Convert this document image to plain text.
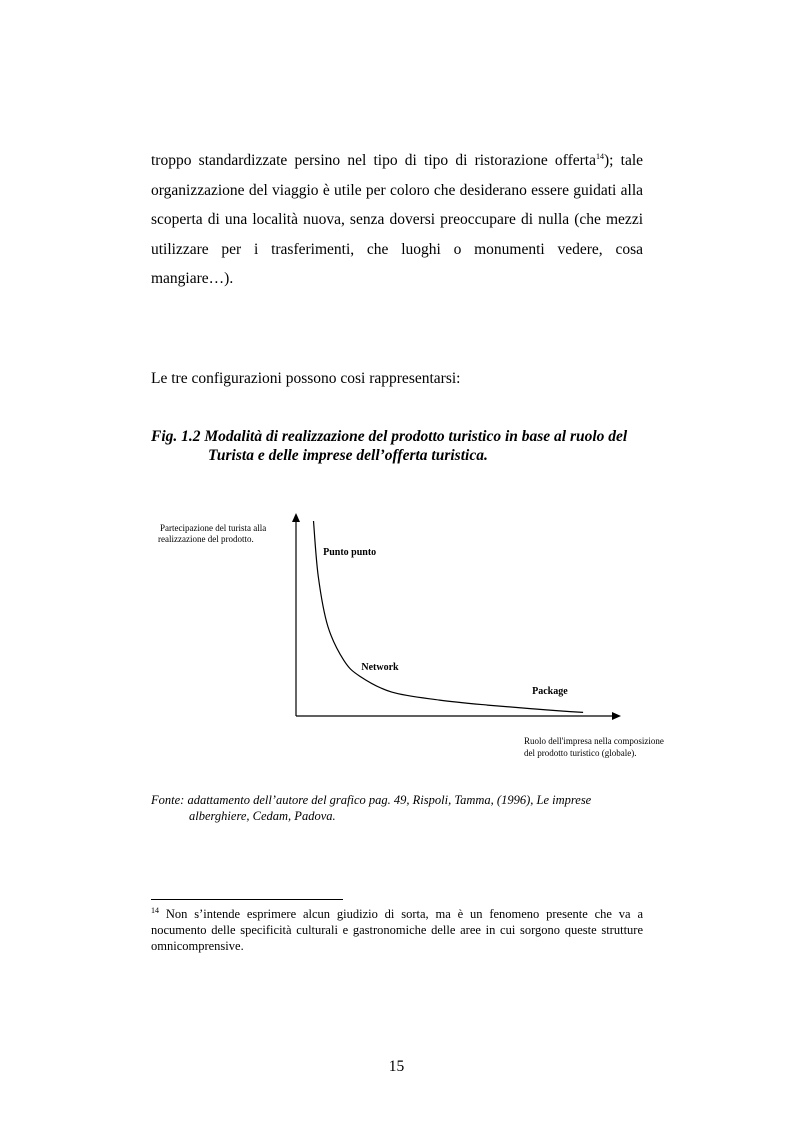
troppo standardizzate persino nel tipo di tipo di ristorazione offerta$^{14}$); tale organizzazione del viaggio è utile per coloro che desiderano essere guidati alla scoperta di una località nuova, senza doversi preoccupare di nulla (che mezzi utilizzare per i trasferimenti, che luoghi o monumenti vedere, cosa mangiare…).

Le tre configurazioni possono cosi rappresentarsi:

Fig. 1.2 Modalità di realizzazione del prodotto turistico in base al ruolo del
Turista e delle imprese dell’offerta turistica.

Partecipazione del turista alla
realizzazione del prodotto.
Ruolo dell'impresa nella composizione
del prodotto turistico (globale).
Punto punto
Network
Package

Fonte: adattamento dell’autore del grafico pag. 49, Rispoli, Tamma, (1996), Le imprese
alberghiere, Cedam, Padova.

$^{14}$ Non s’intende esprimere alcun giudizio di sorta, ma è un fenomeno presente che va a nocumento delle specificità culturali e gastronomiche delle aree in cui sorgono queste strutture omnicomprensive.

15
